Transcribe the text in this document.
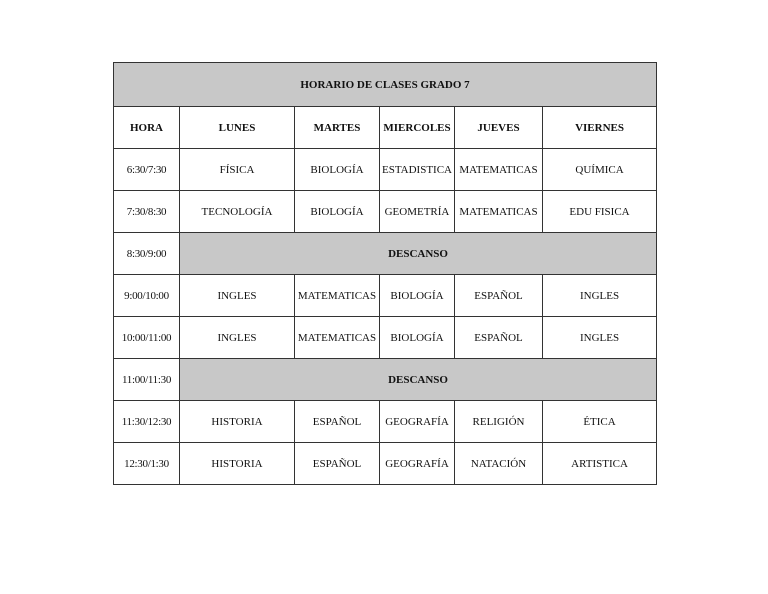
HORARIO DE CLASES GRADO 7					
HORA	LUNES	MARTES	MIERCOLES	JUEVES	VIERNES
6:30/7:30	FÍSICA	BIOLOGÍA	ESTADISTICA	MATEMATICAS	QUÍMICA
7:30/8:30	TECNOLOGÍA	BIOLOGÍA	GEOMETRÍA	MATEMATICAS	EDU FISICA
8:30/9:00	DESCANSO				
9:00/10:00	INGLES	MATEMATICAS	BIOLOGÍA	ESPAÑOL	INGLES
10:00/11:00	INGLES	MATEMATICAS	BIOLOGÍA	ESPAÑOL	INGLES
11:00/11:30	DESCANSO				
11:30/12:30	HISTORIA	ESPAÑOL	GEOGRAFÍA	RELIGIÓN	ÉTICA
12:30/1:30	HISTORIA	ESPAÑOL	GEOGRAFÍA	NATACIÓN	ARTISTICA
